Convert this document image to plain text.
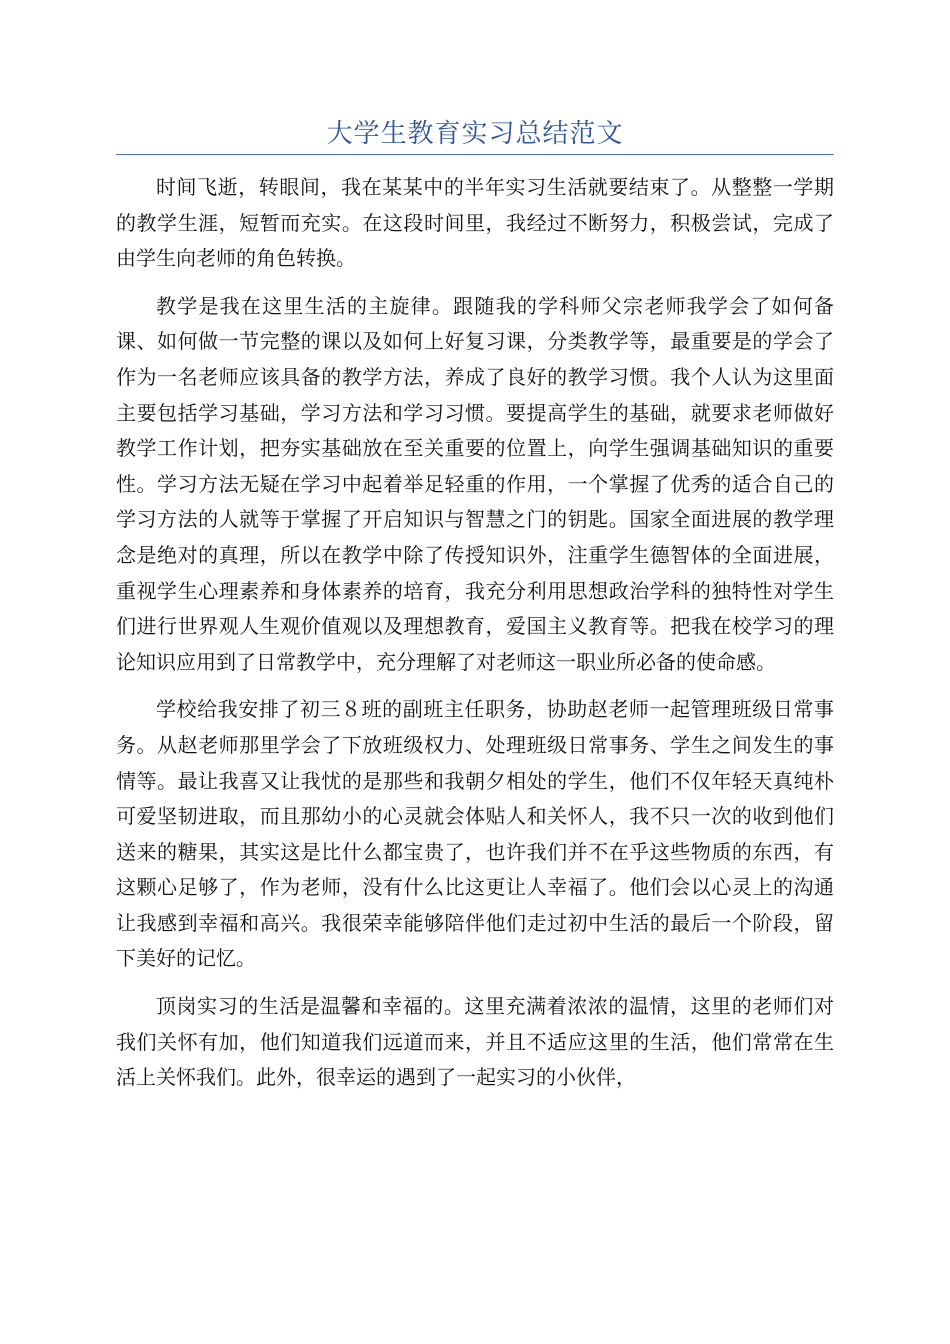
大学生教育实习总结范文

时间飞逝，转眼间，我在某某中的半年实习生活就要结束了。从整整一学期的教学生涯，短暂而充实。在这段时间里，我经过不断努力，积极尝试，完成了由学生向老师的角色转换。

教学是我在这里生活的主旋律。跟随我的学科师父宗老师我学会了如何备课、如何做一节完整的课以及如何上好复习课，分类教学等，最重要是的学会了作为一名老师应该具备的教学方法，养成了良好的教学习惯。我个人认为这里面主要包括学习基础，学习方法和学习习惯。要提高学生的基础，就要求老师做好教学工作计划，把夯实基础放在至关重要的位置上，向学生强调基础知识的重要性。学习方法无疑在学习中起着举足轻重的作用，一个掌握了优秀的适合自己的学习方法的人就等于掌握了开启知识与智慧之门的钥匙。国家全面进展的教学理念是绝对的真理，所以在教学中除了传授知识外，注重学生德智体的全面进展，重视学生心理素养和身体素养的培育，我充分利用思想政治学科的独特性对学生们进行世界观人生观价值观以及理想教育，爱国主义教育等。把我在校学习的理论知识应用到了日常教学中，充分理解了对老师这一职业所必备的使命感。

学校给我安排了初三８班的副班主任职务，协助赵老师一起管理班级日常事务。从赵老师那里学会了下放班级权力、处理班级日常事务、学生之间发生的事情等。最让我喜又让我忧的是那些和我朝夕相处的学生，他们不仅年轻天真纯朴可爱坚韧进取，而且那幼小的心灵就会体贴人和关怀人，我不只一次的收到他们送来的糖果，其实这是比什么都宝贵了，也许我们并不在乎这些物质的东西，有这颗心足够了，作为老师，没有什么比这更让人幸福了。他们会以心灵上的沟通让我感到幸福和高兴。我很荣幸能够陪伴他们走过初中生活的最后一个阶段，留下美好的记忆。

顶岗实习的生活是温馨和幸福的。这里充满着浓浓的温情，这里的老师们对我们关怀有加，他们知道我们远道而来，并且不适应这里的生活，他们常常在生活上关怀我们。此外，很幸运的遇到了一起实习的小伙伴，
